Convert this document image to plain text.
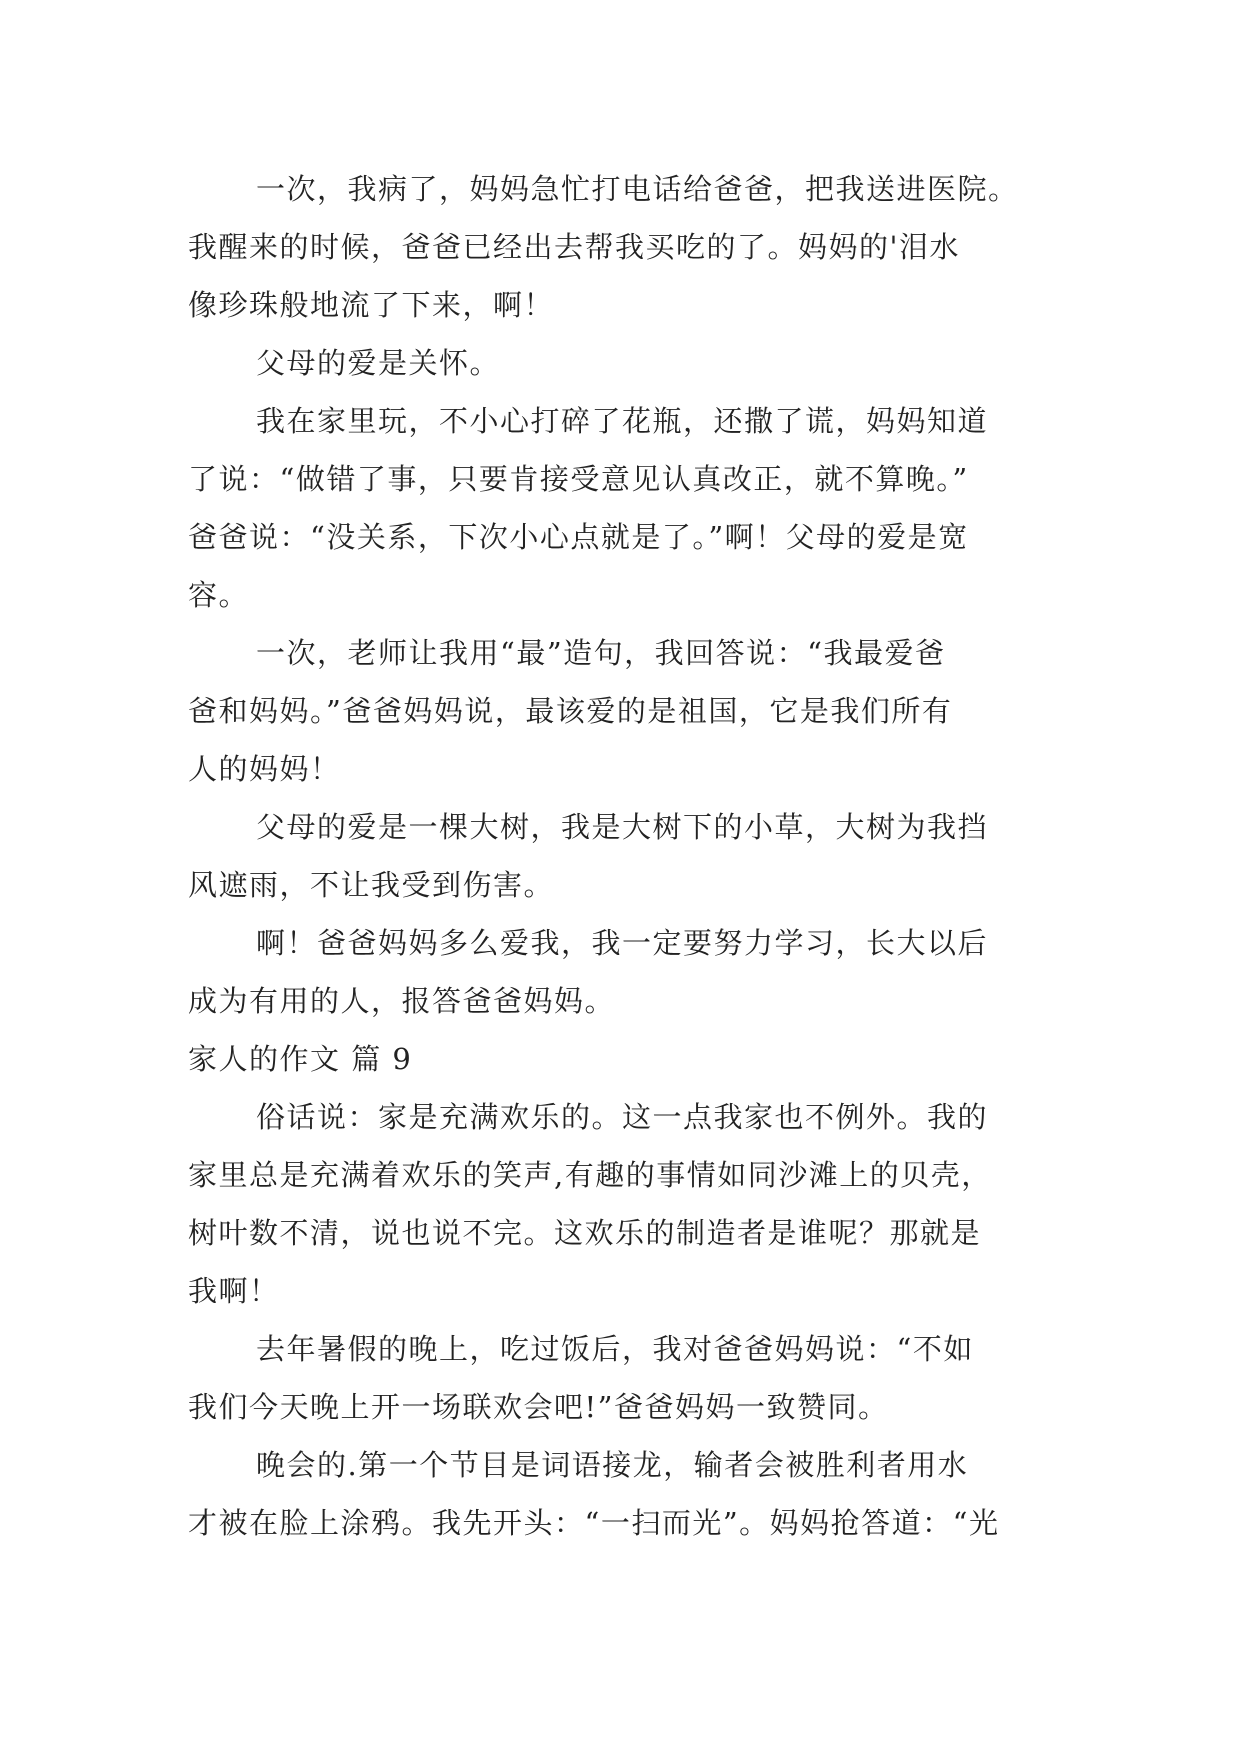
一次，我病了，妈妈急忙打电话给爸爸，把我送进医院。
我醒来的时候，爸爸已经出去帮我买吃的了。妈妈的'泪水
像珍珠般地流了下来，啊！

父母的爱是关怀。

我在家里玩，不小心打碎了花瓶，还撒了谎，妈妈知道
了说：“做错了事，只要肯接受意见认真改正，就不算晚。”
爸爸说：“没关系，下次小心点就是了。”啊！父母的爱是宽
容。

一次，老师让我用“最”造句，我回答说：“我最爱爸
爸和妈妈。”爸爸妈妈说，最该爱的是祖国，它是我们所有
人的妈妈！

父母的爱是一棵大树，我是大树下的小草，大树为我挡
风遮雨，不让我受到伤害。

啊！爸爸妈妈多么爱我，我一定要努力学习，长大以后
成为有用的人，报答爸爸妈妈。

家人的作文 篇 9

俗话说：家是充满欢乐的。这一点我家也不例外。我的
家里总是充满着欢乐的笑声,有趣的事情如同沙滩上的贝壳，
树叶数不清，说也说不完。这欢乐的制造者是谁呢？那就是
我啊！

去年暑假的晚上，吃过饭后，我对爸爸妈妈说：“不如
我们今天晚上开一场联欢会吧!”爸爸妈妈一致赞同。

晚会的.第一个节目是词语接龙，输者会被胜利者用水
才被在脸上涂鸦。我先开头：“一扫而光”。妈妈抢答道：“光
